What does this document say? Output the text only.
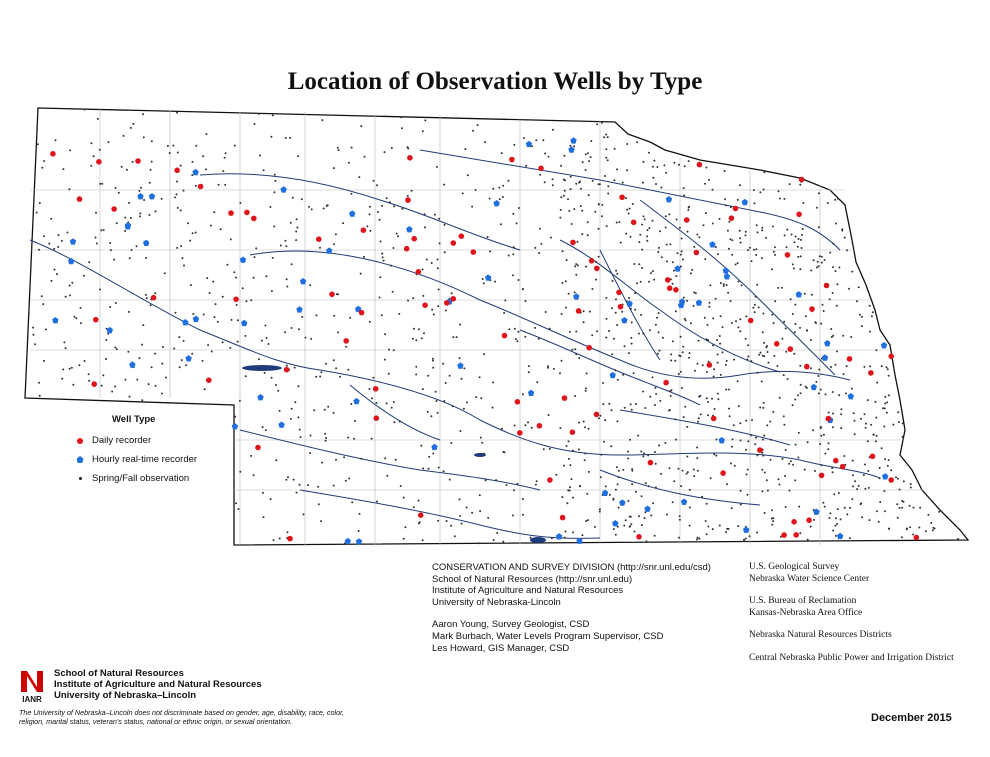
Location of Observation Wells by Type
Well Type
Daily recorder
Hourly real-time recorder
Spring/Fall observation
CONSERVATION AND SURVEY DIVISION (http://snr.unl.edu/csd)
School of Natural Resources (http://snr.unl.edu)
Institute of Agriculture and Natural Resources
University of Nebraska-Lincoln
Aaron Young, Survey Geologist, CSD
Mark Burbach, Water Levels Program Supervisor, CSD
Les Howard, GIS Manager, CSD
U.S. Geological Survey
Nebraska Water Science Center
U.S. Bureau of Reclamation
Kansas-Nebraska Area Office
Nebraska Natural Resources Districts
Central Nebraska Public Power and Irrigation District
IANR
School of Natural Resources
Institute of Agriculture and Natural Resources
University of Nebraska–Lincoln
The University of Nebraska–Lincoln does not discriminate based on gender, age, disability, race, color, religion, marital status, veteran's status, national or ethnic origin, or sexual orientation.	December 2015
